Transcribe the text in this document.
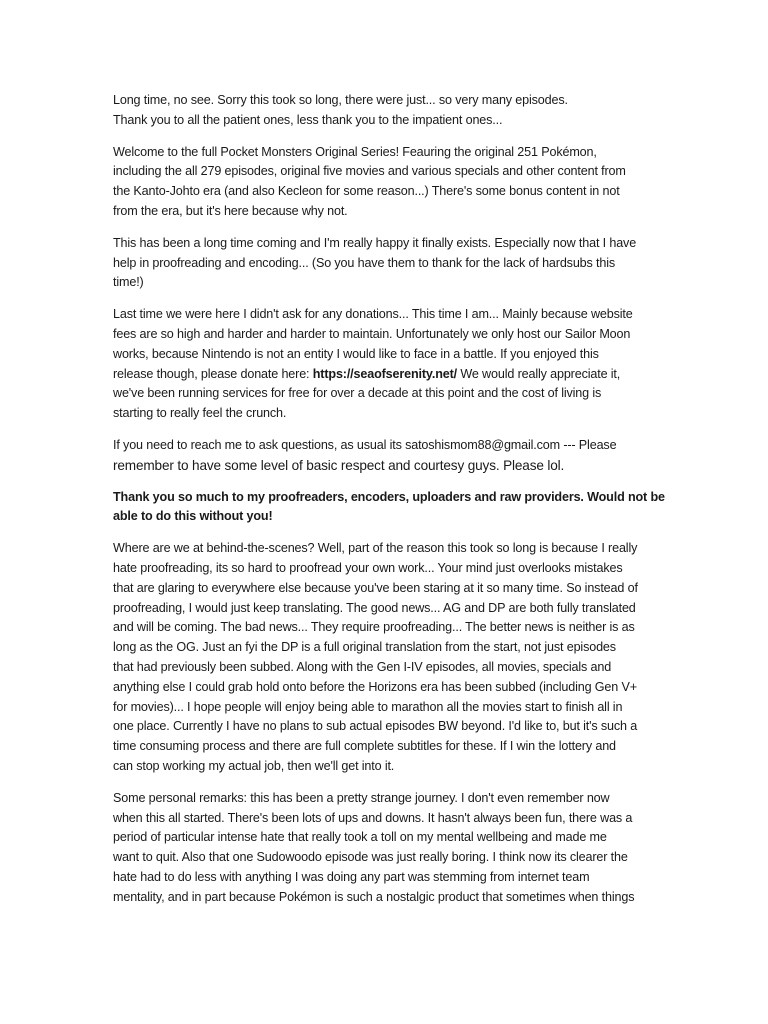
Long time, no see. Sorry this took so long, there were just... so very many episodes.
Thank you to all the patient ones, less thank you to the impatient ones...

Welcome to the full Pocket Monsters Original Series! Feauring the original 251 Pokémon,
including the all 279 episodes, original five movies and various specials and other content from
the Kanto-Johto era (and also Kecleon for some reason...) There's some bonus content in not
from the era, but it's here because why not.

This has been a long time coming and I'm really happy it finally exists. Especially now that I have
help in proofreading and encoding... (So you have them to thank for the lack of hardsubs this
time!)

Last time we were here I didn't ask for any donations... This time I am... Mainly because website
fees are so high and harder and harder to maintain. Unfortunately we only host our Sailor Moon
works, because Nintendo is not an entity I would like to face in a battle. If you enjoyed this
release though, please donate here: https://seaofserenity.net/ We would really appreciate it,
we've been running services for free for over a decade at this point and the cost of living is
starting to really feel the crunch.

If you need to reach me to ask questions, as usual its satoshismom88@gmail.com --- Please
remember to have some level of basic respect and courtesy guys. Please lol.

Thank you so much to my proofreaders, encoders, uploaders and raw providers. Would not be
able to do this without you!

Where are we at behind-the-scenes? Well, part of the reason this took so long is because I really
hate proofreading, its so hard to proofread your own work... Your mind just overlooks mistakes
that are glaring to everywhere else because you've been staring at it so many time. So instead of
proofreading, I would just keep translating. The good news... AG and DP are both fully translated
and will be coming. The bad news... They require proofreading... The better news is neither is as
long as the OG. Just an fyi the DP is a full original translation from the start, not just episodes
that had previously been subbed. Along with the Gen I-IV episodes, all movies, specials and
anything else I could grab hold onto before the Horizons era has been subbed (including Gen V+
for movies)... I hope people will enjoy being able to marathon all the movies start to finish all in
one place. Currently I have no plans to sub actual episodes BW beyond. I'd like to, but it's such a
time consuming process and there are full complete subtitles for these. If I win the lottery and
can stop working my actual job, then we'll get into it.

Some personal remarks: this has been a pretty strange journey. I don't even remember now
when this all started. There's been lots of ups and downs. It hasn't always been fun, there was a
period of particular intense hate that really took a toll on my mental wellbeing and made me
want to quit. Also that one Sudowoodo episode was just really boring. I think now its clearer the
hate had to do less with anything I was doing any part was stemming from internet team
mentality, and in part because Pokémon is such a nostalgic product that sometimes when things
